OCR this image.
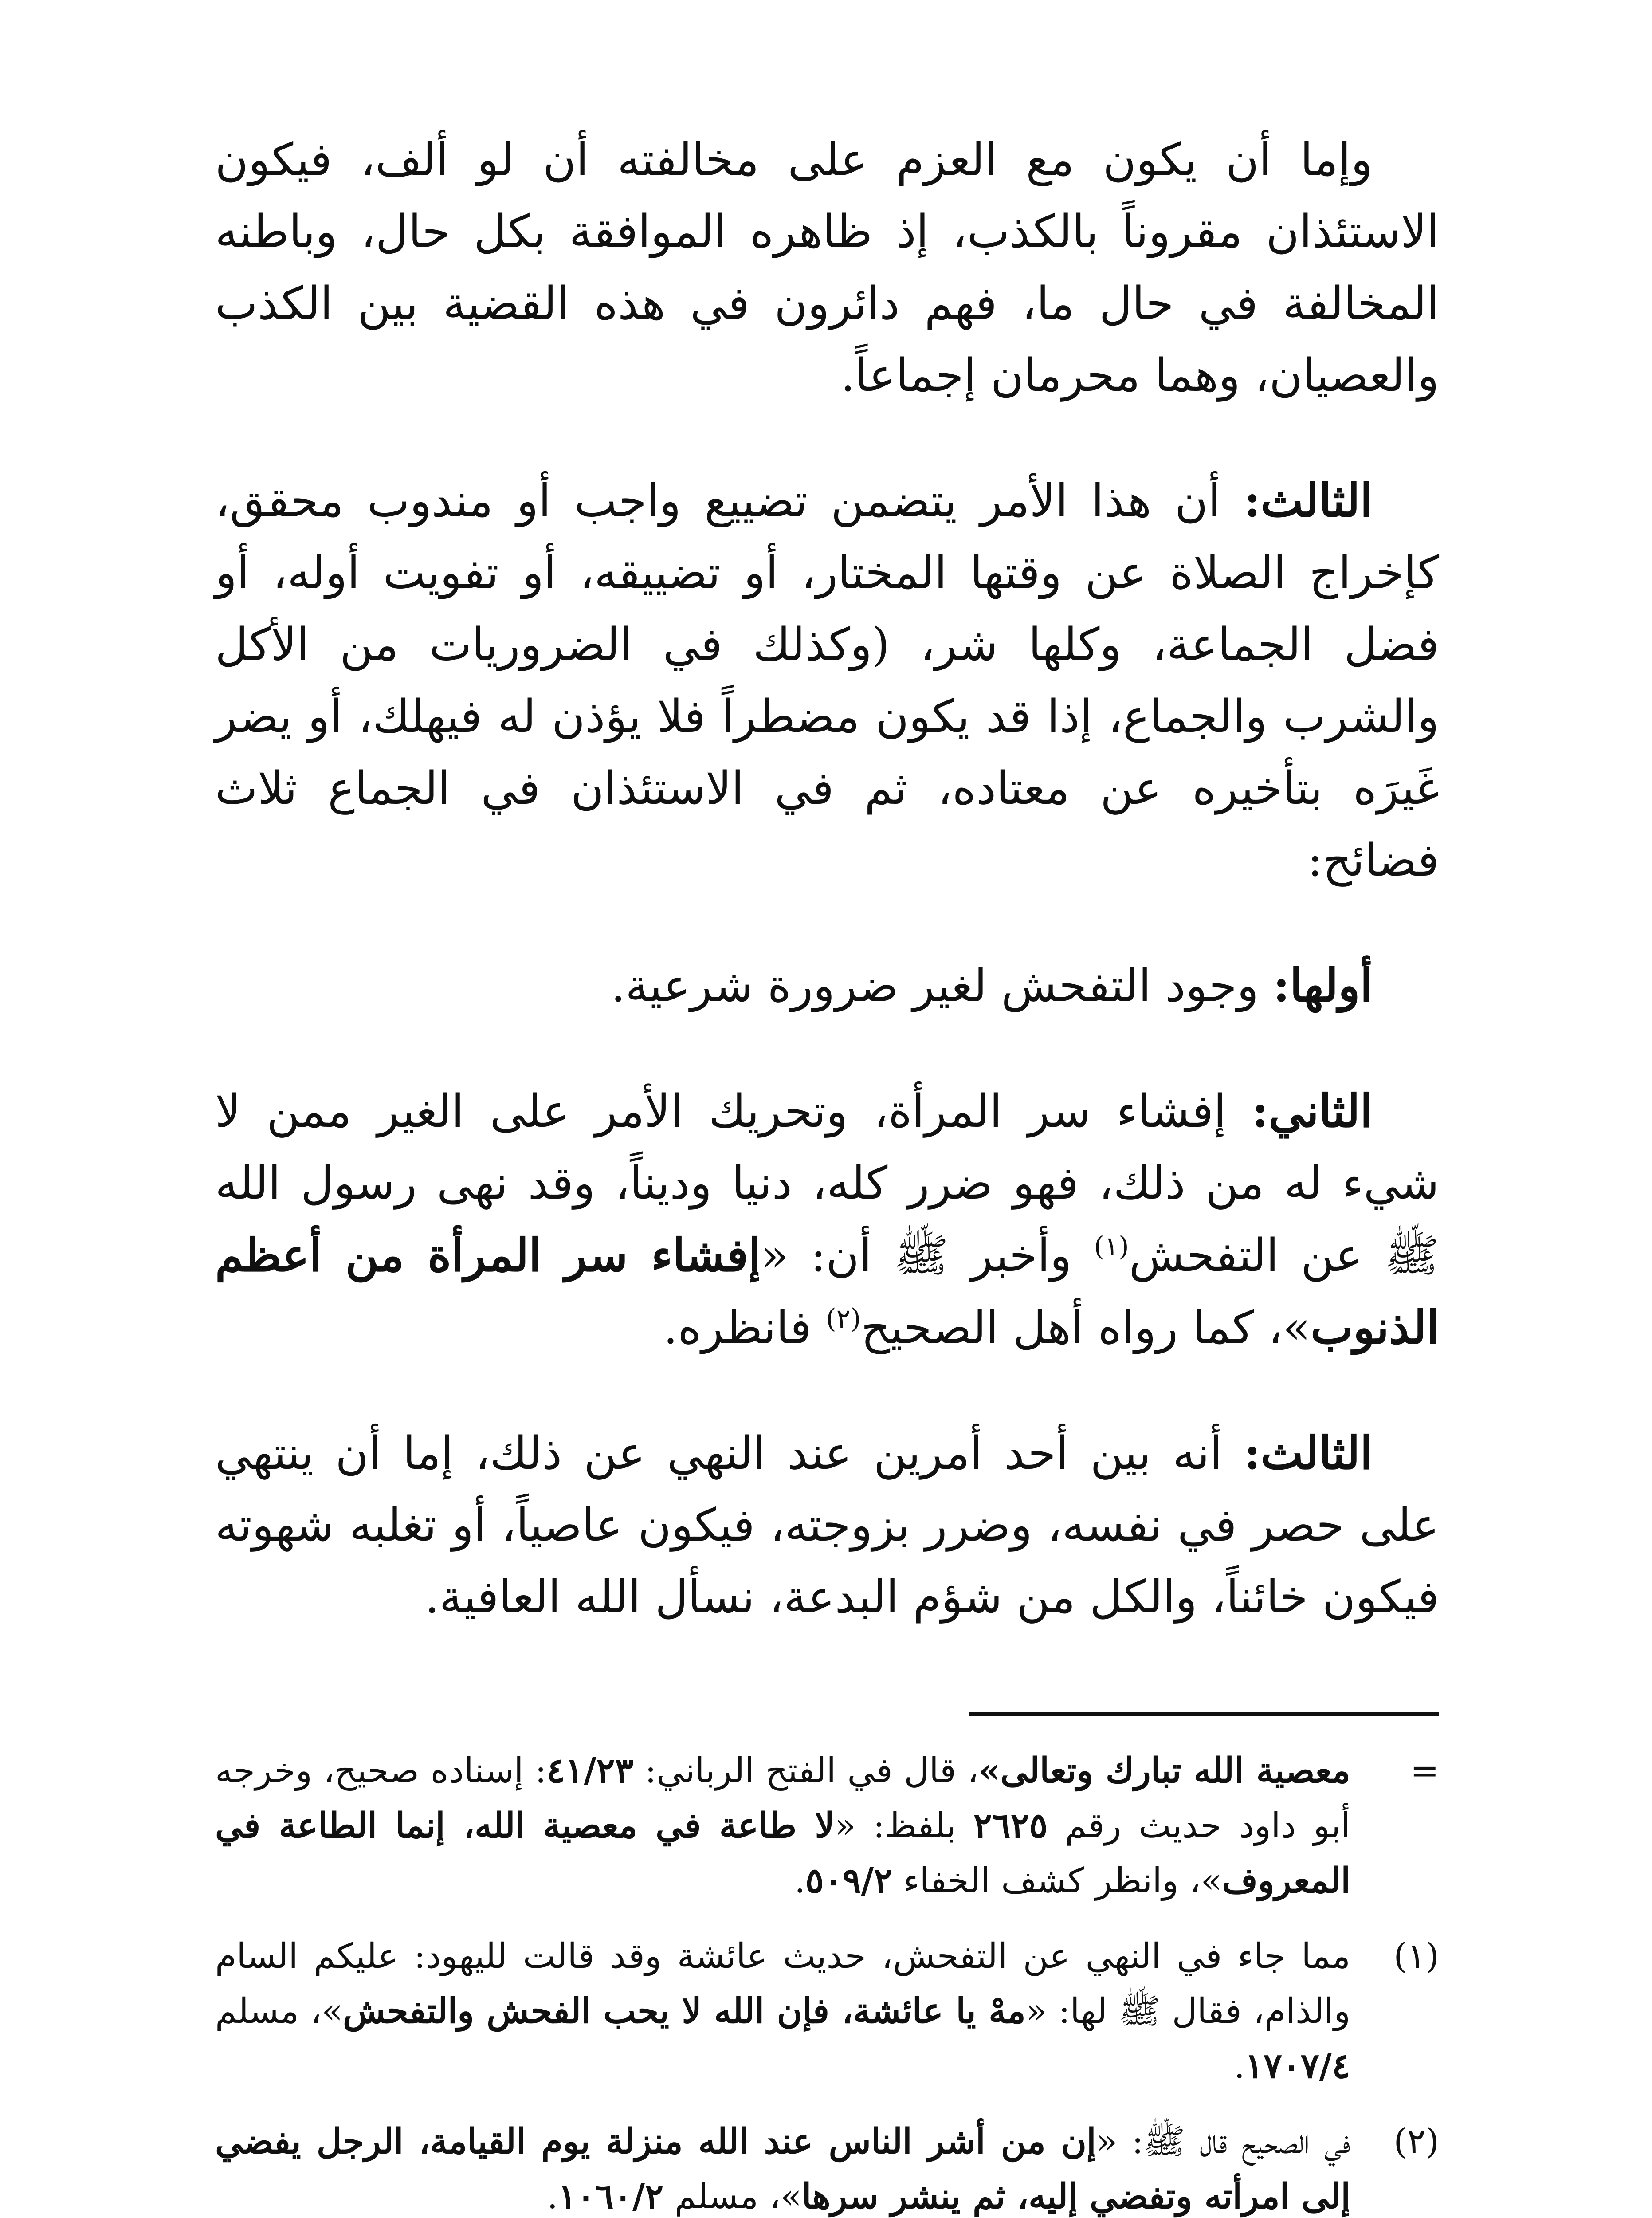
وإما أن يكون مع العزم على مخالفته أن لو ألف، فيكون الاستئذان مقروناً بالكذب، إذ ظاهره الموافقة بكل حال، وباطنه المخالفة في حال ما، فهم دائرون في هذه القضية بين الكذب والعصيان، وهما محرمان إجماعاً.

الثالث: أن هذا الأمر يتضمن تضييع واجب أو مندوب محقق، كإخراج الصلاة عن وقتها المختار، أو تضييقه، أو تفويت أوله، أو فضل الجماعة، وكلها شر، (وكذلك في الضروريات من الأكل والشرب والجماع، إذا قد يكون مضطراً فلا يؤذن له فيهلك، أو يضر غَيرَه بتأخيره عن معتاده، ثم في الاستئذان في الجماع ثلاث فضائح:

أولها: وجود التفحش لغير ضرورة شرعية.

الثاني: إفشاء سر المرأة، وتحريك الأمر على الغير ممن لا شيء له من ذلك، فهو ضرر كله، دنيا وديناً، وقد نهى رسول الله ﷺ عن التفحش$^{(١)}$ وأخبر ﷺ أن: «إفشاء سر المرأة من أعظم الذنوب»، كما رواه أهل الصحيح$^{(٢)}$ فانظره.

الثالث: أنه بين أحد أمرين عند النهي عن ذلك، إما أن ينتهي على حصر في نفسه، وضرر بزوجته، فيكون عاصياً، أو تغلبه شهوته فيكون خائناً، والكل من شؤم البدعة، نسأل الله العافية.

=
معصية الله تبارك وتعالى»، قال في الفتح الرباني: ٤١/٢٣: إسناده صحيح، وخرجه أبو داود حديث رقم ٢٦٢٥ بلفظ: «لا طاعة في معصية الله، إنما الطاعة في المعروف»، وانظر كشف الخفاء ٥٠٩/٢.
(١)
مما جاء في النهي عن التفحش، حديث عائشة وقد قالت لليهود: عليكم السام والذام، فقال ﷺ لها: «مهْ يا عائشة، فإن الله لا يحب الفحش والتفحش»، مسلم ١٧٠٧/٤.
(٢)
في الصحيح قال ﷺ: «إن من أشر الناس عند الله منزلة يوم القيامة، الرجل يفضي إلى امرأته وتفضي إليه، ثم ينشر سرها»، مسلم ١٠٦٠/٢.
